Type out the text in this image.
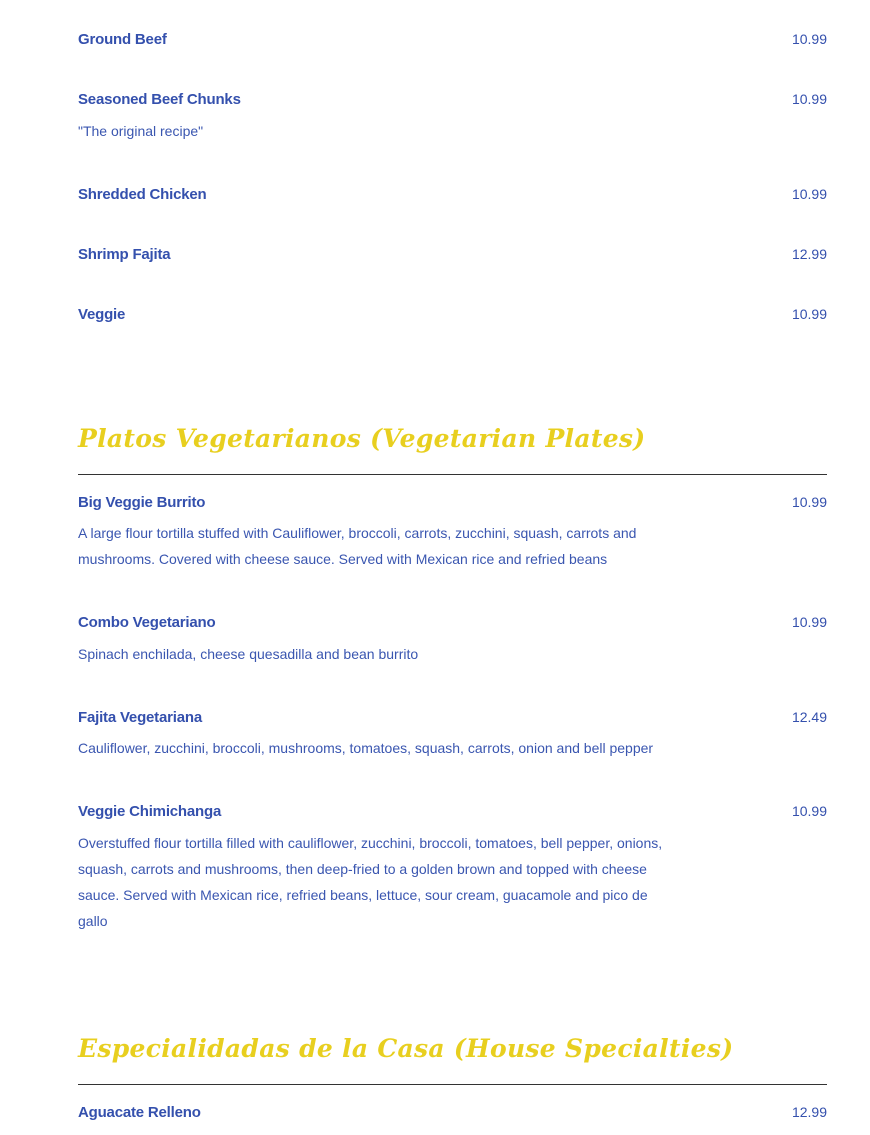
Ground Beef	10.99
Seasoned Beef Chunks	10.99
"The original recipe"
Shredded Chicken	10.99
Shrimp Fajita	12.99
Veggie	10.99
Platos Vegetarianos (Vegetarian Plates)
Big Veggie Burrito	10.99
A large flour tortilla stuffed with Cauliflower, broccoli, carrots, zucchini, squash, carrots and mushrooms. Covered with cheese sauce. Served with Mexican rice and refried beans
Combo Vegetariano	10.99
Spinach enchilada, cheese quesadilla and bean burrito
Fajita Vegetariana	12.49
Cauliflower, zucchini, broccoli, mushrooms, tomatoes, squash, carrots, onion and bell pepper
Veggie Chimichanga	10.99
Overstuffed flour tortilla filled with cauliflower, zucchini, broccoli, tomatoes, bell pepper, onions, squash, carrots and mushrooms, then deep-fried to a golden brown and topped with cheese sauce. Served with Mexican rice, refried beans, lettuce, sour cream, guacamole and pico de gallo
Especialidadas de la Casa (House Specialties)
Aguacate Relleno	12.99
